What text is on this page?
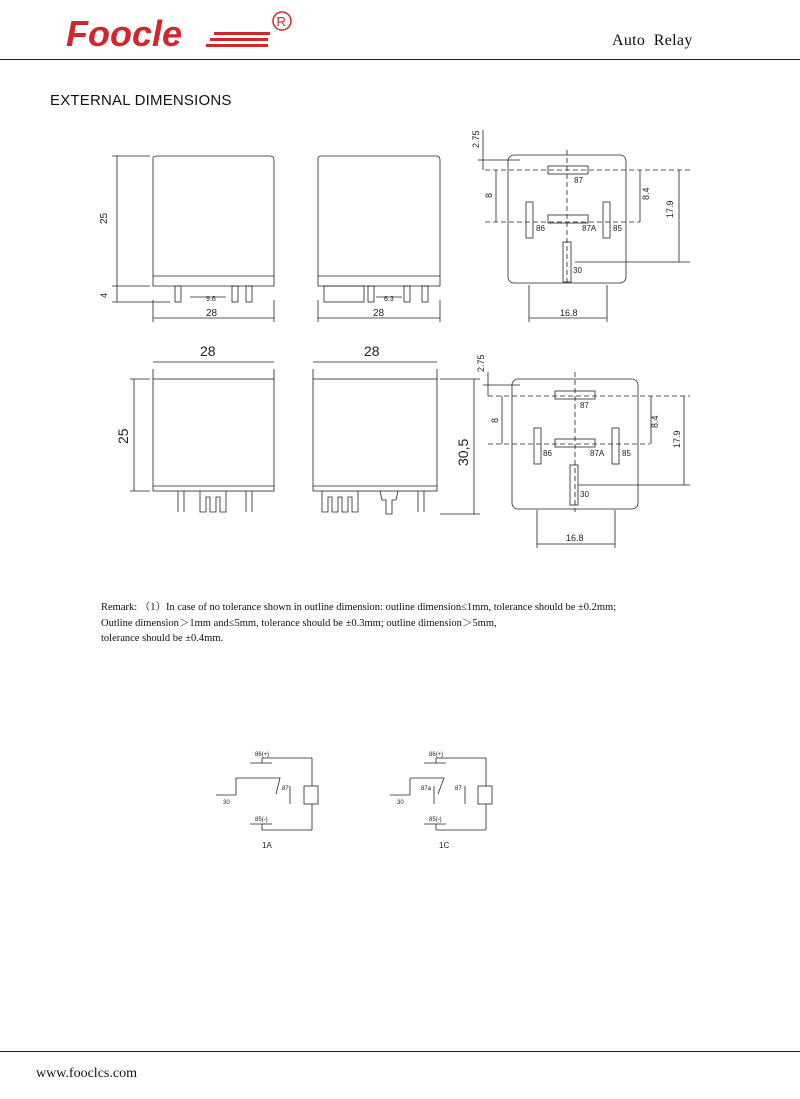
Foocle	R
Auto  Relay
EXTERNAL DIMENSIONS
25
4
9.6
28
6.3
28
2.75
8	8.4
17.9
16.8
87
86	87A 85
30
28
25
28
30,5
2.75
8	8.4
17.9
16.8
87
86	87A 85
30

Remark: （1）In case of no tolerance shown in outline dimension: outline dimension≤1mm, tolerance should be ±0.2mm;

Outline dimension＞1mm and≤5mm, tolerance should be ±0.3mm; outline dimension＞5mm,

tolerance should be ±0.4mm.

86(+)
85(-)
87
30
1A
86(+)
85(-)
87a	87
30
1C
www.fooclcs.com
